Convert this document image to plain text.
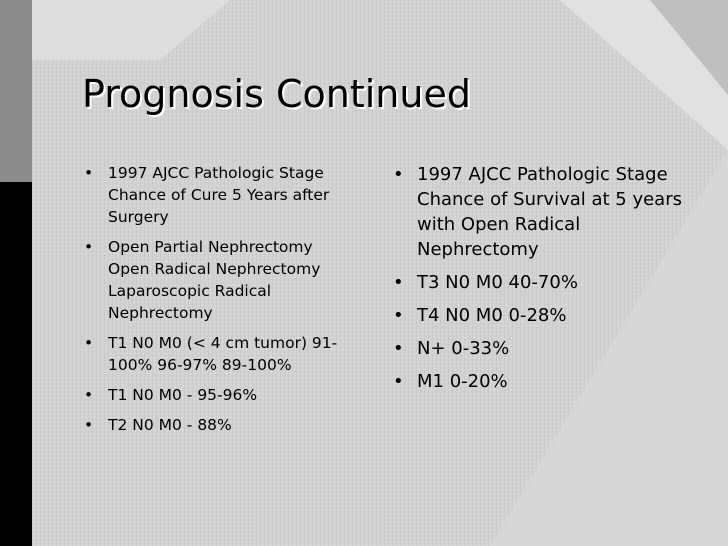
Prognosis Continued
• 1997 AJCC Pathologic Stage Chance of Cure 5 Years after Surgery
• Open Partial Nephrectomy Open Radical Nephrectomy Laparoscopic Radical Nephrectomy
• T1 N0 M0 (< 4 cm tumor) 91-100% 96-97% 89-100%
• T1 N0 M0 - 95-96%
• T2 N0 M0 - 88%
• 1997 AJCC Pathologic Stage Chance of Survival at 5 years with Open Radical Nephrectomy
• T3 N0 M0 40-70%
• T4 N0 M0 0-28%
• N+ 0-33%
• M1 0-20%
